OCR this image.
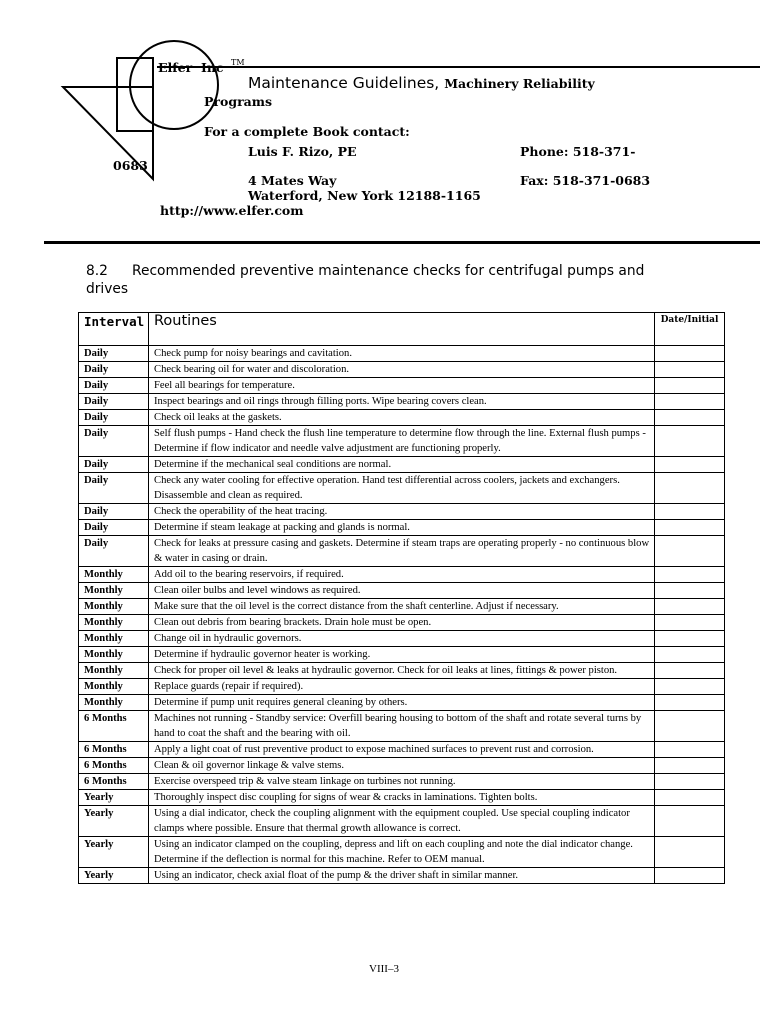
Elfer Inc TM
Maintenance Guidelines, Machinery Reliability
Programs
For a complete Book contact:
Luis F. Rizo, PE	Phone: 518-371-
0683
4 Mates Way	Fax: 518-371-0683
Waterford, New York 12188-1165
http://www.elfer.com
8.2 Recommended preventive maintenance checks for centrifugal pumps and drives
Interval	Routines	Date/Initial
Daily	Check pump for noisy bearings and cavitation.	
Daily	Check bearing oil for water and discoloration.	
Daily	Feel all bearings for temperature.	
Daily	Inspect bearings and oil rings through filling ports. Wipe bearing covers clean.	
Daily	Check oil leaks at the gaskets.	
Daily	Self flush pumps - Hand check the flush line temperature to determine flow through the line. External flush pumps - Determine if flow indicator and needle valve adjustment are functioning properly.	
Daily	Determine if the mechanical seal conditions are normal.	
Daily	Check any water cooling for effective operation. Hand test differential across coolers, jackets and exchangers. Disassemble and clean as required.	
Daily	Check the operability of the heat tracing.	
Daily	Determine if steam leakage at packing and glands is normal.	
Daily	Check for leaks at pressure casing and gaskets. Determine if steam traps are operating properly - no continuous blow & water in casing or drain.	
Monthly	Add oil to the bearing reservoirs, if required.	
Monthly	Clean oiler bulbs and level windows as required.	
Monthly	Make sure that the oil level is the correct distance from the shaft centerline. Adjust if necessary.	
Monthly	Clean out debris from bearing brackets. Drain hole must be open.	
Monthly	Change oil in hydraulic governors.	
Monthly	Determine if hydraulic governor heater is working.	
Monthly	Check for proper oil level & leaks at hydraulic governor. Check for oil leaks at lines, fittings & power piston.	
Monthly	Replace guards (repair if required).	
Monthly	Determine if pump unit requires general cleaning by others.	
6 Months	Machines not running - Standby service: Overfill bearing housing to bottom of the shaft and rotate several turns by hand to coat the shaft and the bearing with oil.	
6 Months	Apply a light coat of rust preventive product to expose machined surfaces to prevent rust and corrosion.	
6 Months	Clean & oil governor linkage & valve stems.	
6 Months	Exercise overspeed trip & valve steam linkage on turbines not running.	
Yearly	Thoroughly inspect disc coupling for signs of wear & cracks in laminations. Tighten bolts.	
Yearly	Using a dial indicator, check the coupling alignment with the equipment coupled. Use special coupling indicator clamps where possible. Ensure that thermal growth allowance is correct.	
Yearly	Using an indicator clamped on the coupling, depress and lift on each coupling and note the dial indicator change. Determine if the deflection is normal for this machine. Refer to OEM manual.	
Yearly	Using an indicator, check axial float of the pump & the driver shaft in similar manner.	
VIII–3
